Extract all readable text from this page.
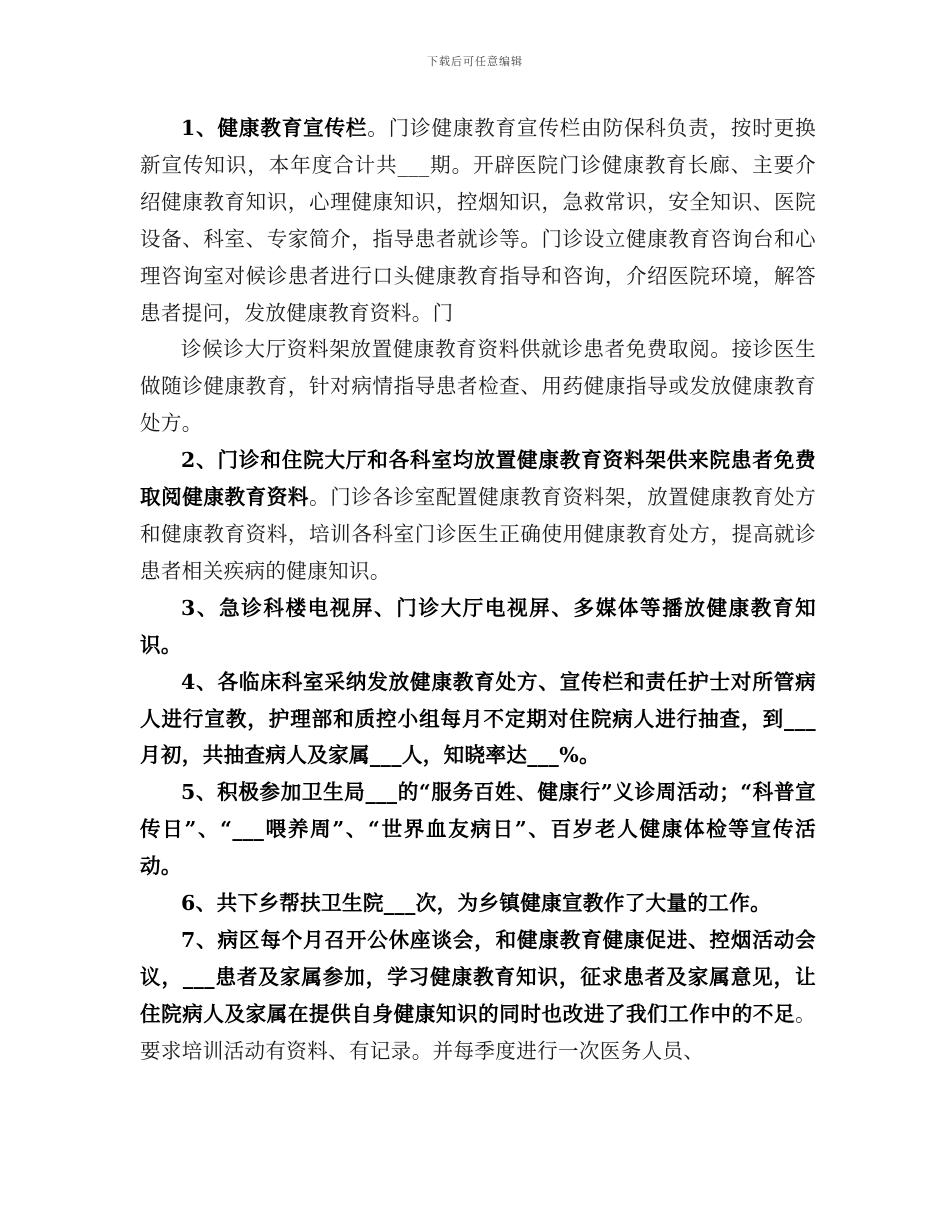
下载后可任意编辑

1、健康教育宣传栏。门诊健康教育宣传栏由防保科负责，按时更换新宣传知识，本年度合计共___期。开辟医院门诊健康教育长廊、主要介绍健康教育知识，心理健康知识，控烟知识，急救常识，安全知识、医院设备、科室、专家简介，指导患者就诊等。门诊设立健康教育咨询台和心理咨询室对候诊患者进行口头健康教育指导和咨询，介绍医院环境，解答患者提问，发放健康教育资料。门

诊候诊大厅资料架放置健康教育资料供就诊患者免费取阅。接诊医生做随诊健康教育，针对病情指导患者检查、用药健康指导或发放健康教育处方。

2、门诊和住院大厅和各科室均放置健康教育资料架供来院患者免费取阅健康教育资料。门诊各诊室配置健康教育资料架，放置健康教育处方和健康教育资料，培训各科室门诊医生正确使用健康教育处方，提高就诊患者相关疾病的健康知识。

3、急诊科楼电视屏、门诊大厅电视屏、多媒体等播放健康教育知识。

4、各临床科室采纳发放健康教育处方、宣传栏和责任护士对所管病人进行宣教，护理部和质控小组每月不定期对住院病人进行抽查，到___月初，共抽查病人及家属___人，知晓率达___%。

5、积极参加卫生局___的“服务百姓、健康行”义诊周活动；“科普宣传日”、“___喂养周”、“世界血友病日”、百岁老人健康体检等宣传活动。

6、共下乡帮扶卫生院___次，为乡镇健康宣教作了大量的工作。

7、病区每个月召开公休座谈会，和健康教育健康促进、控烟活动会议，___患者及家属参加，学习健康教育知识，征求患者及家属意见，让住院病人及家属在提供自身健康知识的同时也改进了我们工作中的不足。要求培训活动有资料、有记录。并每季度进行一次医务人员、
